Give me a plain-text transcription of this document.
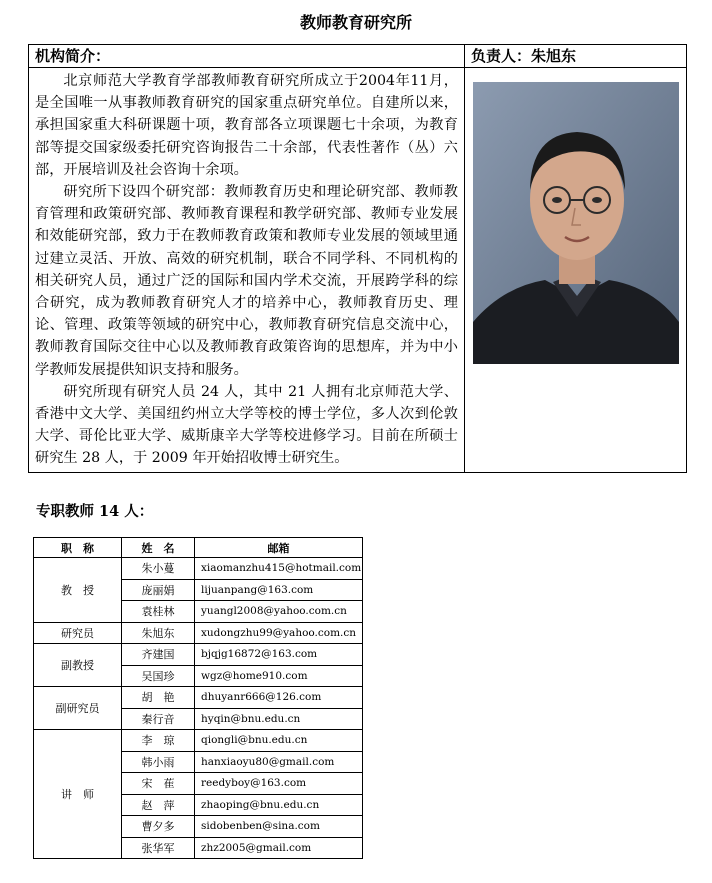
教师教育研究所
机构简介：	负责人：朱旭东

北京师范大学教育学部教师教育研究所成立于2004年11月，是全国唯一从事教师教育研究的国家重点研究单位。自建所以来，承担国家重大科研课题十项，教育部各立项课题七十余项，为教育部等提交国家级委托研究咨询报告二十余部，代表性著作（丛）六部，开展培训及社会咨询十余项。

研究所下设四个研究部：教师教育历史和理论研究部、教师教育管理和政策研究部、教师教育课程和教学研究部、教师专业发展和效能研究部，致力于在教师教育政策和教师专业发展的领域里通过建立灵活、开放、高效的研究机制，联合不同学科、不同机构的相关研究人员，通过广泛的国际和国内学术交流，开展跨学科的综合研究，成为教师教育研究人才的培养中心，教师教育历史、理论、管理、政策等领域的研究中心，教师教育研究信息交流中心，教师教育国际交往中心以及教师教育政策咨询的思想库，并为中小学教师发展提供知识支持和服务。

研究所现有研究人员 24 人，其中 21 人拥有北京师范大学、香港中文大学、美国纽约州立大学等校的博士学位，多人次到伦敦大学、哥伦比亚大学、威斯康辛大学等校进修学习。目前在所硕士研究生 28 人，于 2009 年开始招收博士研究生。

专职教师 14 人：
职　称	姓　名	邮箱
教　授	朱小蔓	xiaomanzhu415@hotmail.com
	庞丽娟	lijuanpang@163.com
	袁桂林	yuangl2008@yahoo.com.cn
研究员	朱旭东	xudongzhu99@yahoo.com.cn
副教授	齐建国	bjqjg16872@163.com
	吴国珍	wgz@home910.com
副研究员	胡　艳	dhuyanr666@126.com
	秦行音	hyqin@bnu.edu.cn
讲　师	李　琼	qiongli@bnu.edu.cn
	韩小雨	hanxiaoyu80@gmail.com
	宋　萑	reedyboy@163.com
	赵　萍	zhaoping@bnu.edu.cn
	曹夕多	sidobenben@sina.com
	张华军	zhz2005@gmail.com
